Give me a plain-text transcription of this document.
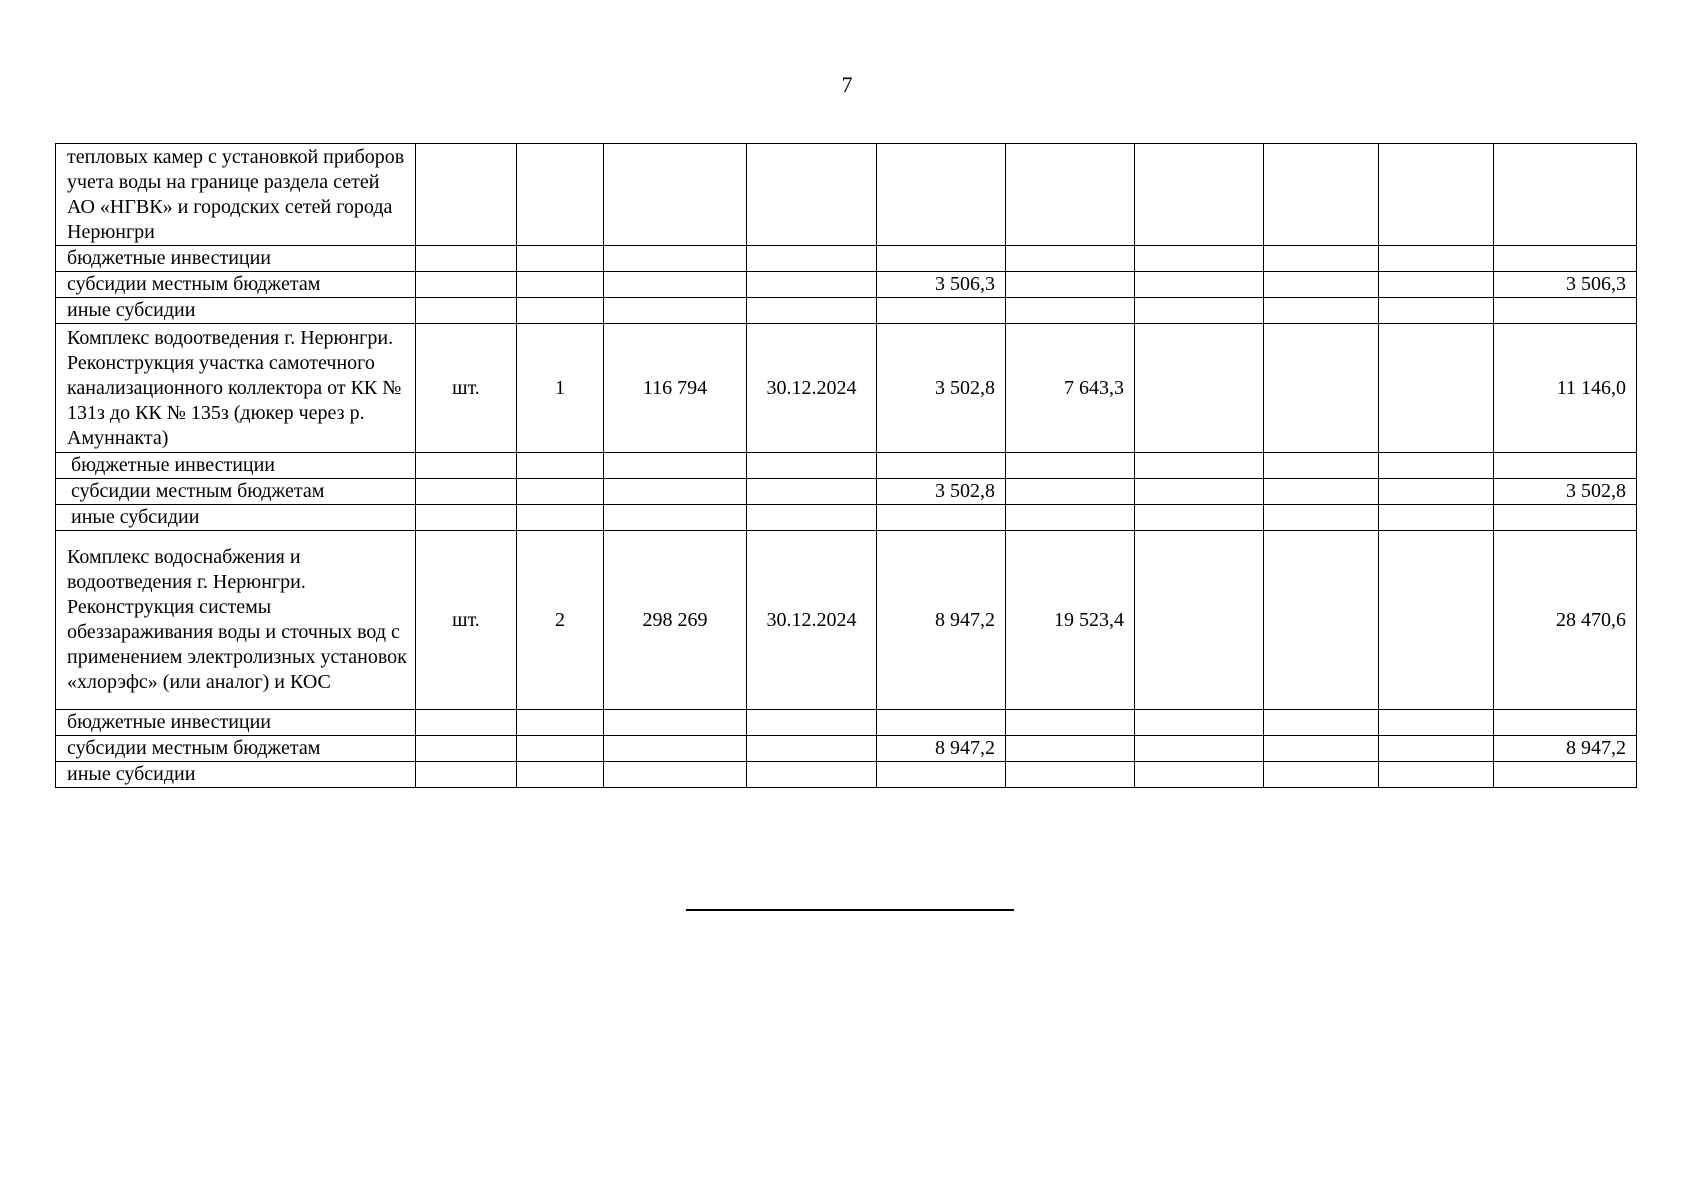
7
тепловых камер с установкой приборов учета воды на границе раздела сетей АО «НГВК» и городских сетей города Нерюнгри										
бюджетные инвестиции										
субсидии местным бюджетам					3 506,3					3 506,3
иные субсидии										
Комплекс водоотведения г. Нерюнгри. Реконструкция участка самотечного канализационного коллектора от КК № 131з до КК № 135з (дюкер через р. Амуннакта)	шт.	1	116 794	30.12.2024	3 502,8	7 643,3				11 146,0
бюджетные инвестиции										
субсидии местным бюджетам					3 502,8					3 502,8
иные субсидии										
Комплекс водоснабжения и водоотведения г. Нерюнгри. Реконструкция системы обеззараживания воды и сточных вод с применением электролизных установок «хлорэфс» (или аналог) и КОС	шт.	2	298 269	30.12.2024	8 947,2	19 523,4				28 470,6
бюджетные инвестиции										
субсидии местным бюджетам					8 947,2					8 947,2
иные субсидии										
